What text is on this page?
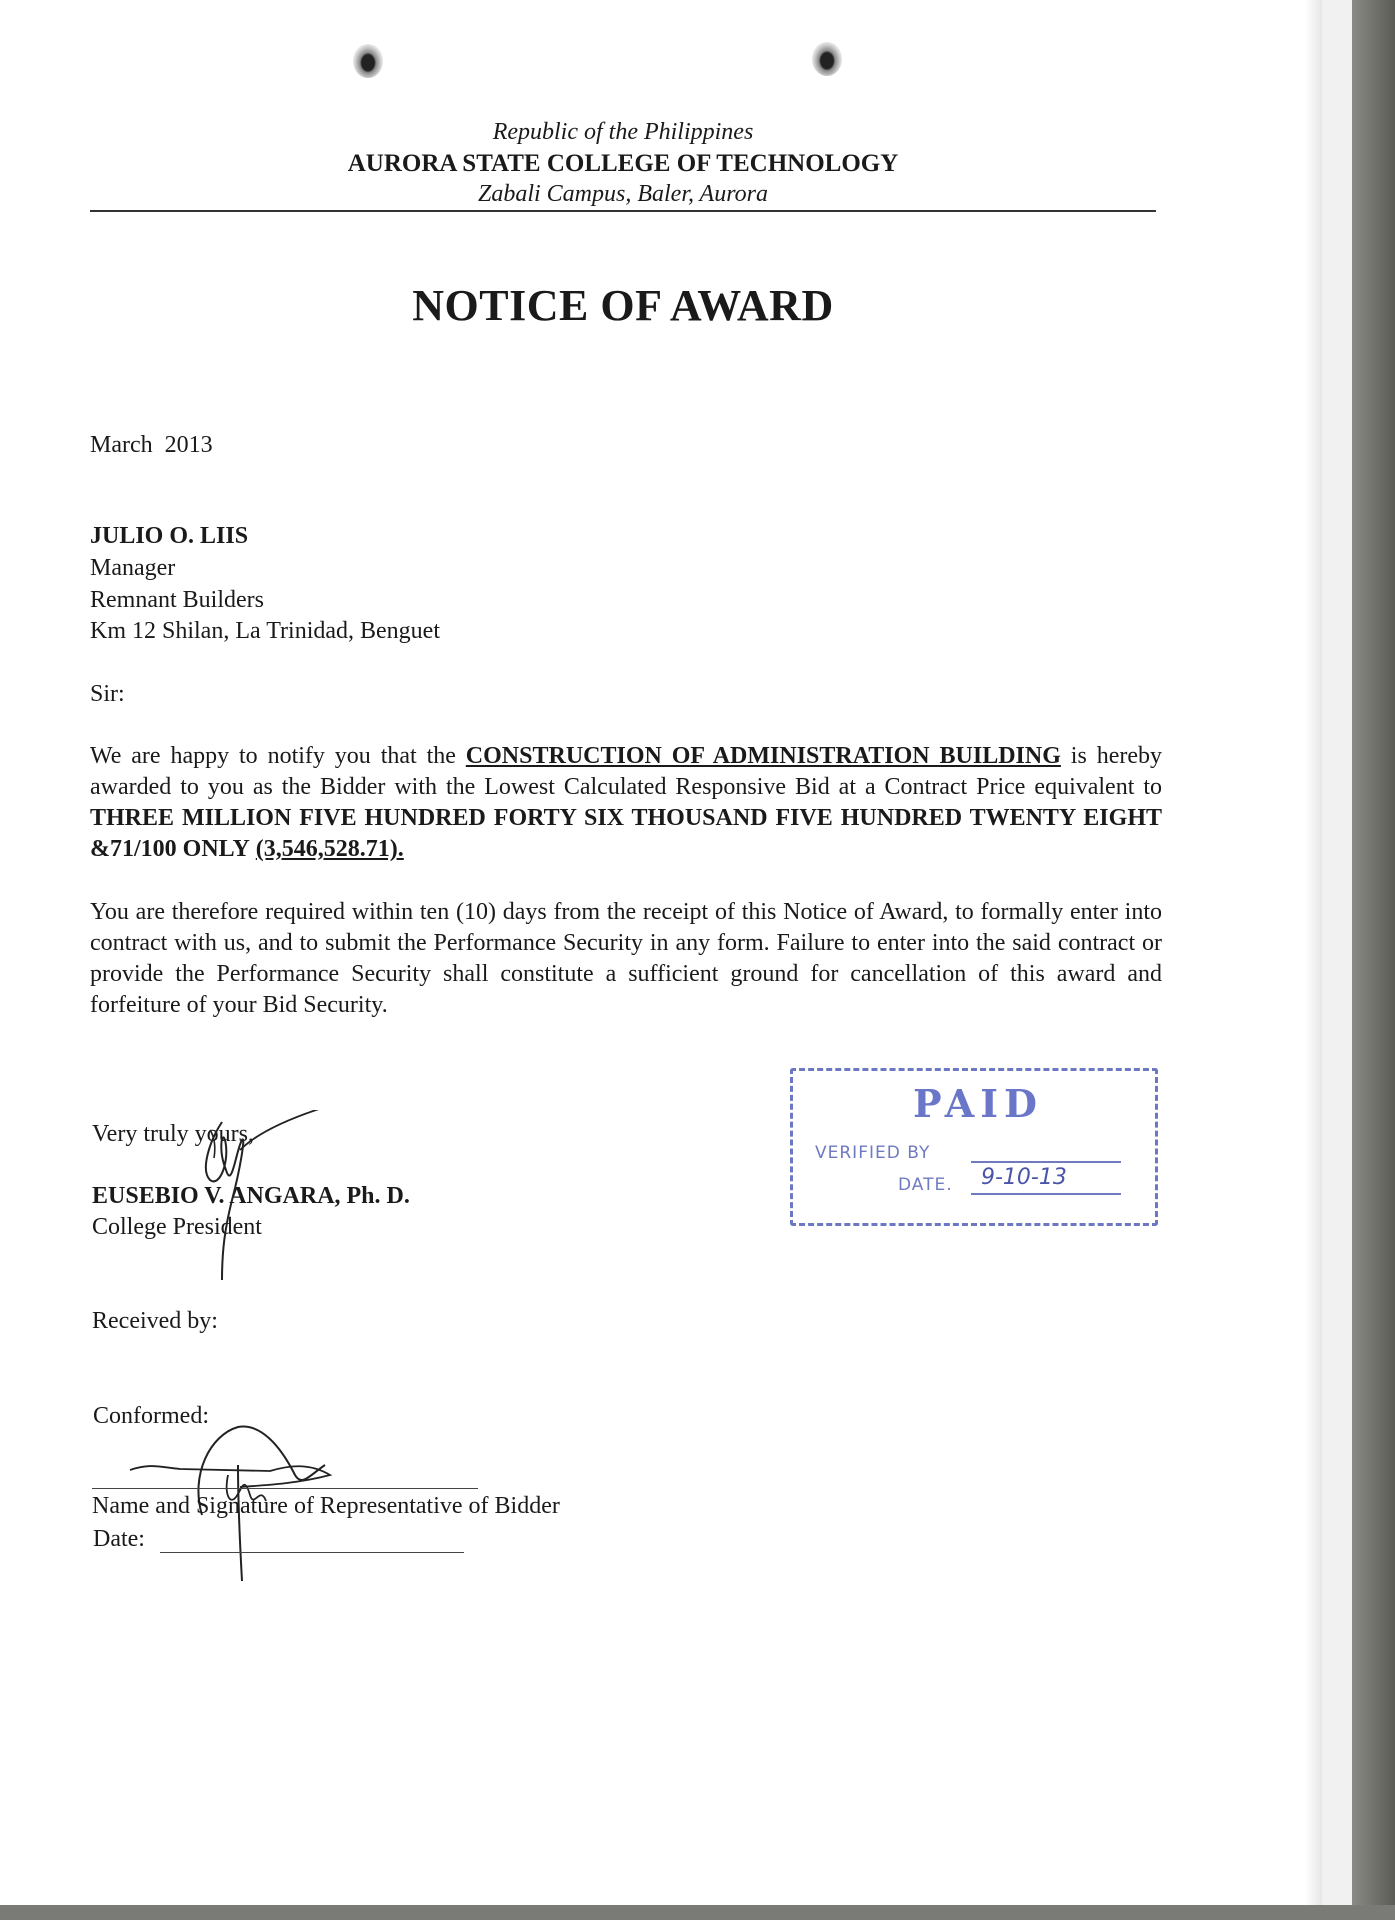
Republic of the Philippines
AURORA STATE COLLEGE OF TECHNOLOGY
Zabali Campus, Baler, Aurora
NOTICE OF AWARD
March  2013
JULIO O. LIIS
Manager
Remnant Builders
Km 12 Shilan, La Trinidad, Benguet
Sir:
We are happy to notify you that the CONSTRUCTION OF ADMINISTRATION BUILDING is hereby awarded to you as the Bidder with the Lowest Calculated Responsive Bid at a Contract Price equivalent to THREE MILLION FIVE HUNDRED FORTY SIX THOUSAND FIVE HUNDRED TWENTY EIGHT &71/100 ONLY (3,546,528.71).
You are therefore required within ten (10) days from the receipt of this Notice of Award, to formally enter into contract with us, and to submit the Performance Security in any form. Failure to enter into the said contract or provide the Performance Security shall constitute a sufficient ground for cancellation of this award and forfeiture of your Bid Security.
Very truly yours,
EUSEBIO V. ANGARA, Ph. D.
College President
Received by:
Conformed:
Name and Signature of Representative of Bidder
Date:
PAID
VERIFIED BY
DATE. 9-10-13
